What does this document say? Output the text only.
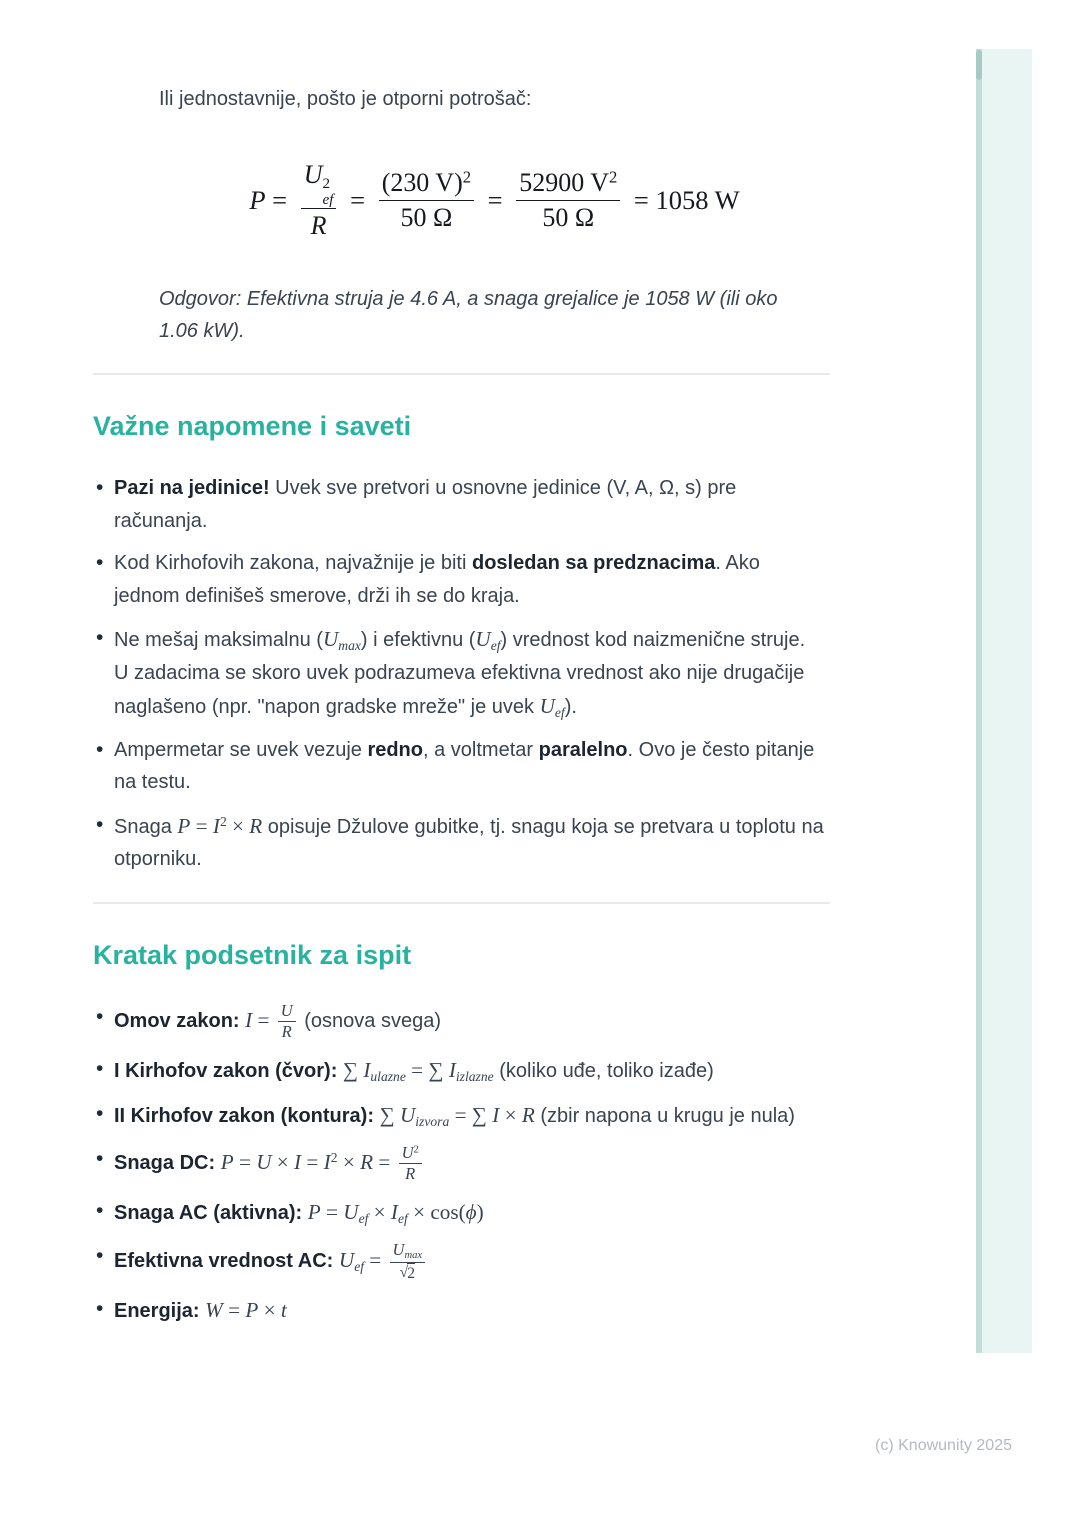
Ili jednostavnije, pošto je otporni potrošač:

P = U 2
ef
$R = \frac{(230 V)^2}{50 \Omega} = \frac{52900 V^2}{50 \Omega} = 1058$ W

Odgovor: Efektivna struja je 4.6 A, a snaga grejalice je 1058 W (ili oko 1.06 kW).

Važne napomene i saveti
• Pazi na jedinice! Uvek sve pretvori u osnovne jedinice (V, A, Ω, s) pre računanja.
• Kod Kirhofovih zakona, najvažnije je biti dosledan sa predznacima. Ako jednom definišeš smerove, drži ih se do kraja.
• Ne mešaj maksimalnu (Umax) i efektivnu (Uef) vrednost kod naizmenične struje. U zadacima se skoro uvek podrazumeva efektivna vrednost ako nije drugačije naglašeno (npr. "napon gradske mreže" je uvek Uef).
• Ampermetar se uvek vezuje redno, a voltmetar paralelno. Ovo je često pitanje na testu.
• Snaga $P = I^2 \times R$ opisuje Džulove gubitke, tj. snagu koja se pretvara u toplotu na otporniku.
Kratak podsetnik za ispit
• Omov zakon: $I = \frac{U}{R}$ (osnova svega)
• I Kirhofov zakon (čvor): ∑ Iulazne = ∑ Iizlazne (koliko uđe, toliko izađe)
• II Kirhofov zakon (kontura): ∑ Uizvora = ∑ I × R (zbir napona u krugu je nula)
• Snaga DC: $P = U \times I = I^2 \times R = \frac{U^2}{R}$
• Snaga AC (aktivna): P = Uef × Ief × cos(ϕ)
• Efektivna vrednost AC: Uef = $\frac{Umax}{√ 2}$
• Energija: W = P × t
(c) Knowunity 2025
